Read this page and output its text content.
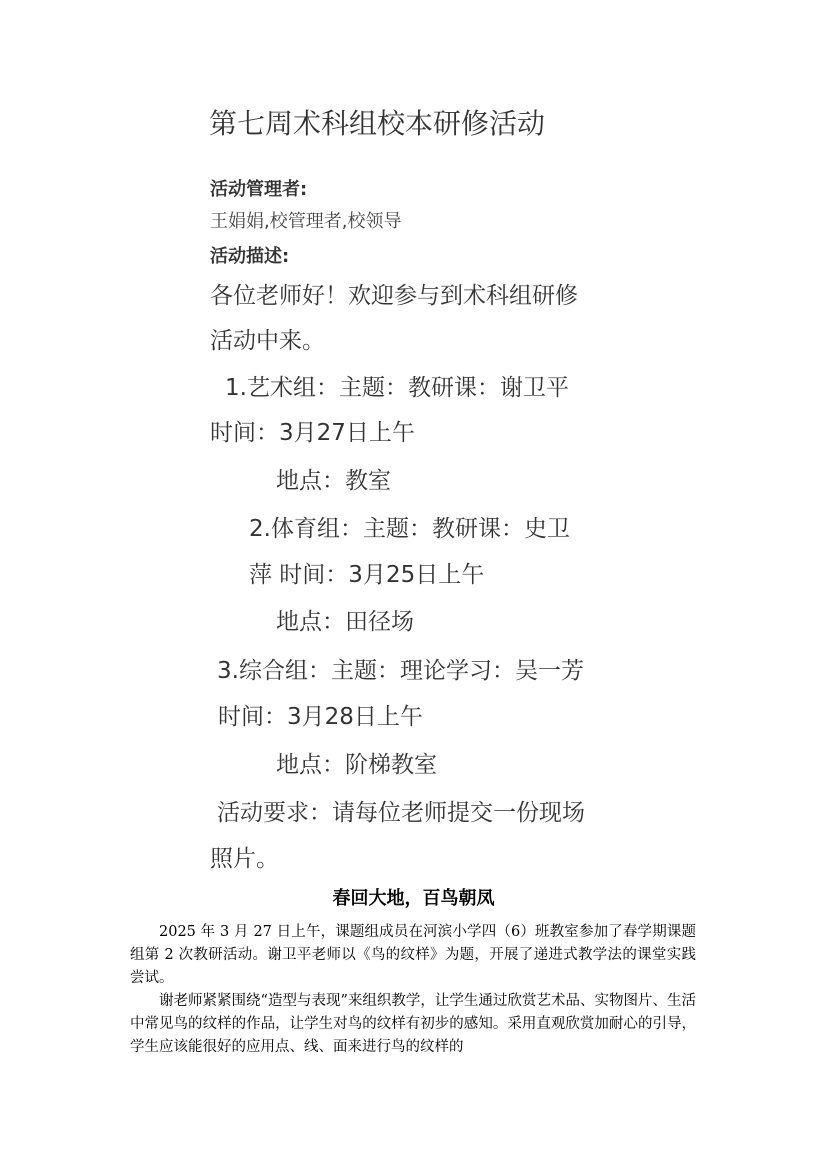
第七周术科组校本研修活动
活动管理者:
王娟娟,校管理者,校领导
活动描述:
各位老师好！欢迎参与到术科组研修
活动中来。
1.艺术组：主题：教研课：谢卫平
时间：3月27日上午
地点：教室
2.体育组：主题：教研课：史卫
萍 时间：3月25日上午
地点：田径场
3.综合组：主题：理论学习：吴一芳
时间：3月28日上午
地点：阶梯教室
活动要求：请每位老师提交一份现场
照片。
春回大地，百鸟朝凤
2025 年 3 月 27 日上午，课题组成员在河滨小学四（6）班教室参加了春学期课题组第 2 次教研活动。谢卫平老师以《鸟的纹样》为题，开展了递进式教学法的课堂实践尝试。
谢老师紧紧围绕“造型与表现”来组织教学，让学生通过欣赏艺术品、实物图片、生活中常见鸟的纹样的作品，让学生对鸟的纹样有初步的感知。采用直观欣赏加耐心的引导，学生应该能很好的应用点、线、面来进行鸟的纹样的
